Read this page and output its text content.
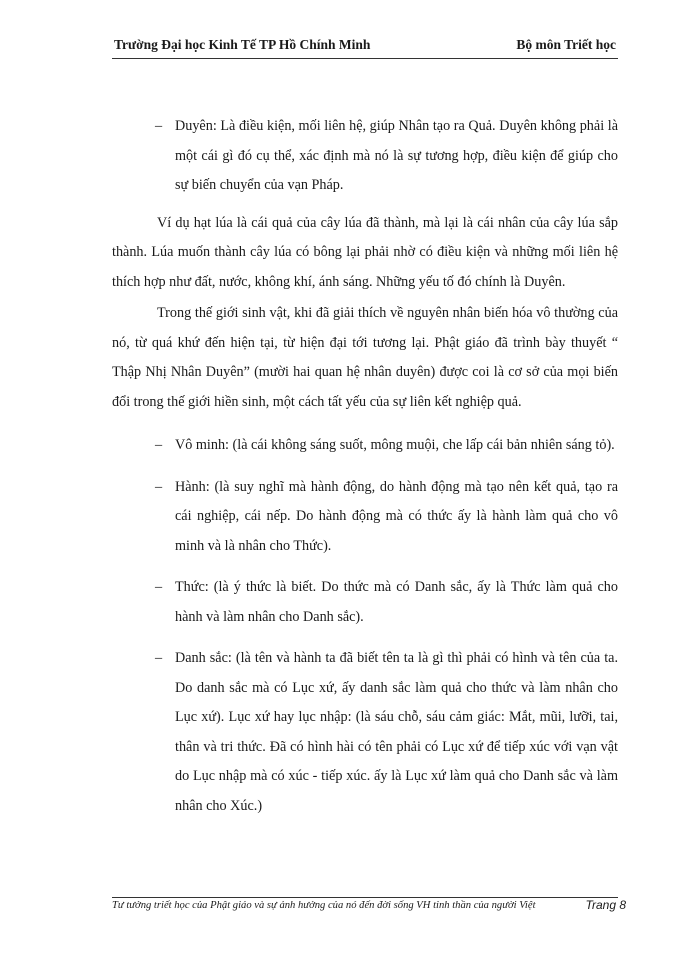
Trường Đại học Kinh Tế TP Hồ Chính Minh	Bộ môn Triết học
– Duyên: Là điều kiện, mối liên hệ, giúp Nhân tạo ra Quả. Duyên không phải là một cái gì đó cụ thể, xác định mà nó là sự tương hợp, điều kiện để giúp cho sự biến chuyển của vạn Pháp.

Ví dụ hạt lúa là cái quả của cây lúa đã thành, mà lại là cái nhân của cây lúa sắp thành. Lúa muốn thành cây lúa có bông lại phải nhờ có điều kiện và những mối liên hệ thích hợp như đất, nước, không khí, ánh sáng. Những yếu tố đó chính là Duyên.

Trong thế giới sinh vật, khi đã giải thích về nguyên nhân biến hóa vô thường của nó, từ quá khứ đến hiện tại, từ hiện đại tới tương lại. Phật giáo đã trình bày thuyết “ Thập Nhị Nhân Duyên” (mười hai quan hệ nhân duyên) được coi là cơ sở của mọi biến đổi trong thế giới hiền sinh, một cách tất yếu của sự liên kết nghiệp quả.

– Vô minh: (là cái không sáng suốt, mông muội, che lấp cái bản nhiên sáng tỏ).
– Hành: (là suy nghĩ mà hành động, do hành động mà tạo nên kết quả, tạo ra cái nghiệp, cái nếp. Do hành động mà có thức ấy là hành làm quả cho vô minh và là nhân cho Thức).
– Thức: (là ý thức là biết. Do thức mà có Danh sắc, ấy là Thức làm quả cho hành và làm nhân cho Danh sắc).
– Danh sắc: (là tên và hành ta đã biết tên ta là gì thì phải có hình và tên của ta. Do danh sắc mà có Lục xứ, ấy danh sắc làm quả cho thức và làm nhân cho Lục xứ). Lục xứ hay lục nhập: (là sáu chỗ, sáu cảm giác: Mắt, mũi, lưỡi, tai, thân và tri thức. Đã có hình hài có tên phải có Lục xứ để tiếp xúc với vạn vật do Lục nhập mà có xúc - tiếp xúc. ấy là Lục xứ làm quả cho Danh sắc và làm nhân cho Xúc.)
Tư tưởng triết học của Phật giáo và sự ảnh hưởng của nó đến đời sống VH tinh thần của người Việt	Trang 8
